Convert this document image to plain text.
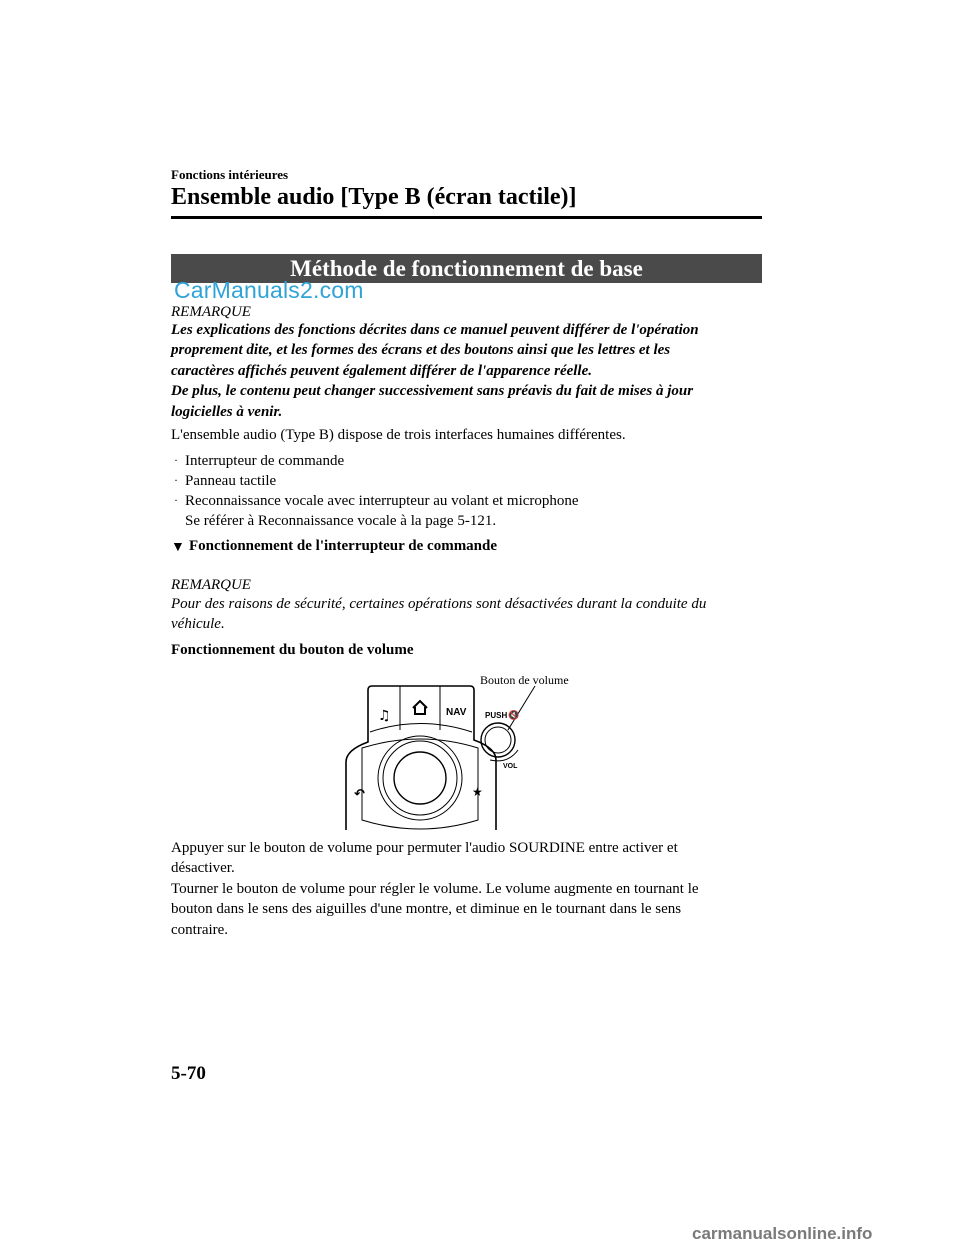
Fonctions intérieures
Ensemble audio [Type B (écran tactile)]
Méthode de fonctionnement de base
CarManuals2.com
REMARQUE
Les explications des fonctions décrites dans ce manuel peuvent différer de l'opération
proprement dite, et les formes des écrans et des boutons ainsi que les lettres et les
caractères affichés peuvent également différer de l'apparence réelle.
De plus, le contenu peut changer successivement sans préavis du fait de mises à jour
logicielles à venir.
L'ensemble audio (Type B) dispose de trois interfaces humaines différentes.
· Interrupteur de commande
· Panneau tactile
· Reconnaissance vocale avec interrupteur au volant et microphone
Se référer à Reconnaissance vocale à la page 5-121.
▼ Fonctionnement de l'interrupteur de commande
REMARQUE
Pour des raisons de sécurité, certaines opérations sont désactivées durant la conduite du
véhicule.
Fonctionnement du bouton de volume
Bouton de volume
♫	NAV
↶	★
PUSH 🔇
VOL
Appuyer sur le bouton de volume pour permuter l'audio SOURDINE entre activer et
désactiver.
Tourner le bouton de volume pour régler le volume. Le volume augmente en tournant le
bouton dans le sens des aiguilles d'une montre, et diminue en le tournant dans le sens
contraire.
5-70
carmanualsonline.info
